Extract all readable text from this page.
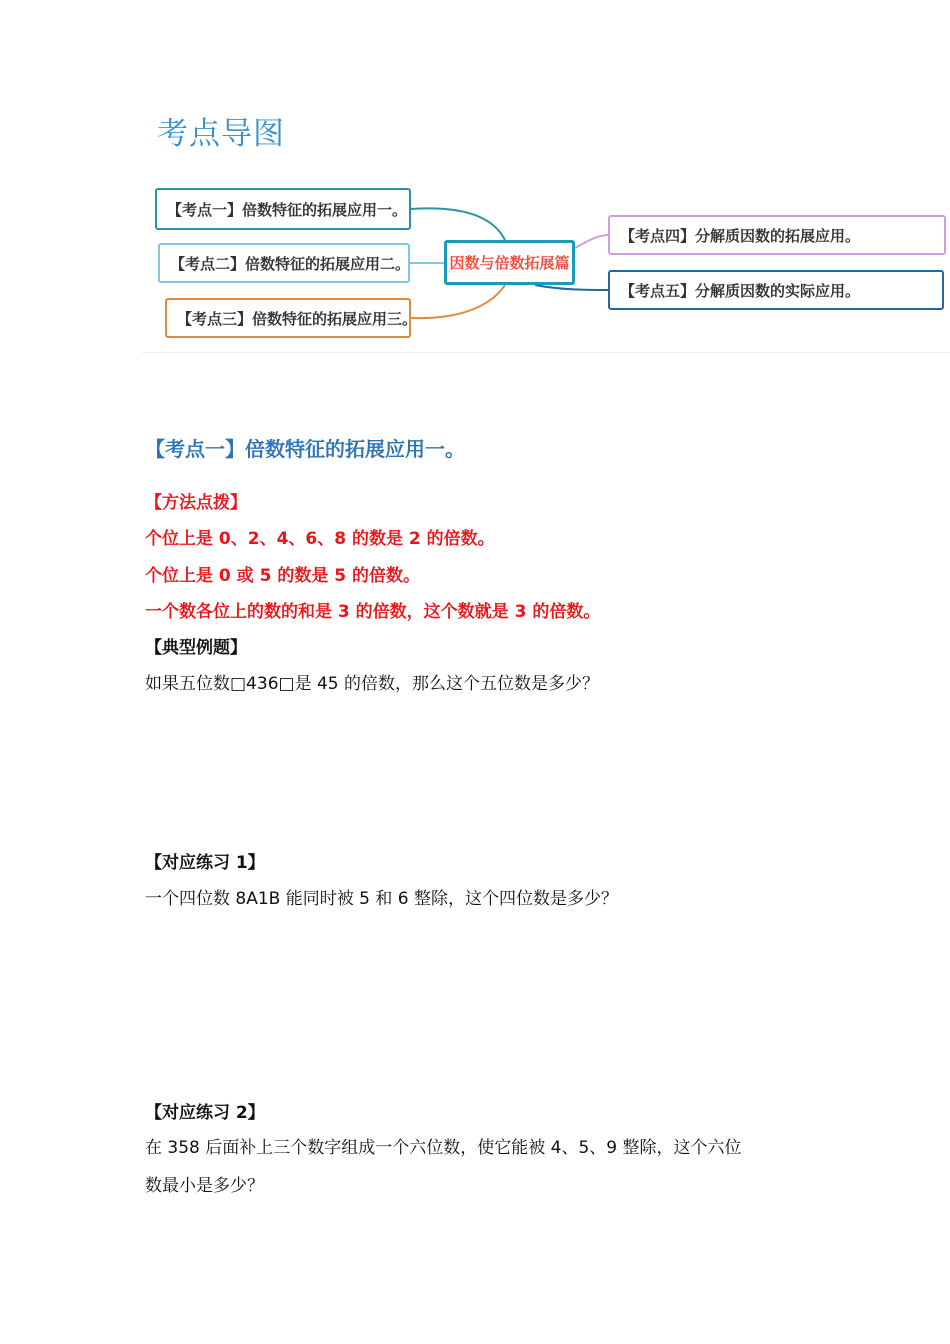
考点导图
【考点一】倍数特征的拓展应用一。
【考点二】倍数特征的拓展应用二。
【考点三】倍数特征的拓展应用三。
因数与倍数拓展篇
【考点四】分解质因数的拓展应用。
【考点五】分解质因数的实际应用。
【考点一】倍数特征的拓展应用一。
【方法点拨】
个位上是 0、2、4、6、8 的数是 2 的倍数。
个位上是 0 或 5 的数是 5 的倍数。
一个数各位上的数的和是 3 的倍数，这个数就是 3 的倍数。
【典型例题】
如果五位数□436□是 45 的倍数，那么这个五位数是多少？
【对应练习 1】
一个四位数 8A1B 能同时被 5 和 6 整除，这个四位数是多少？
【对应练习 2】
在 358 后面补上三个数字组成一个六位数，使它能被 4、5、9 整除，这个六位
数最小是多少？
